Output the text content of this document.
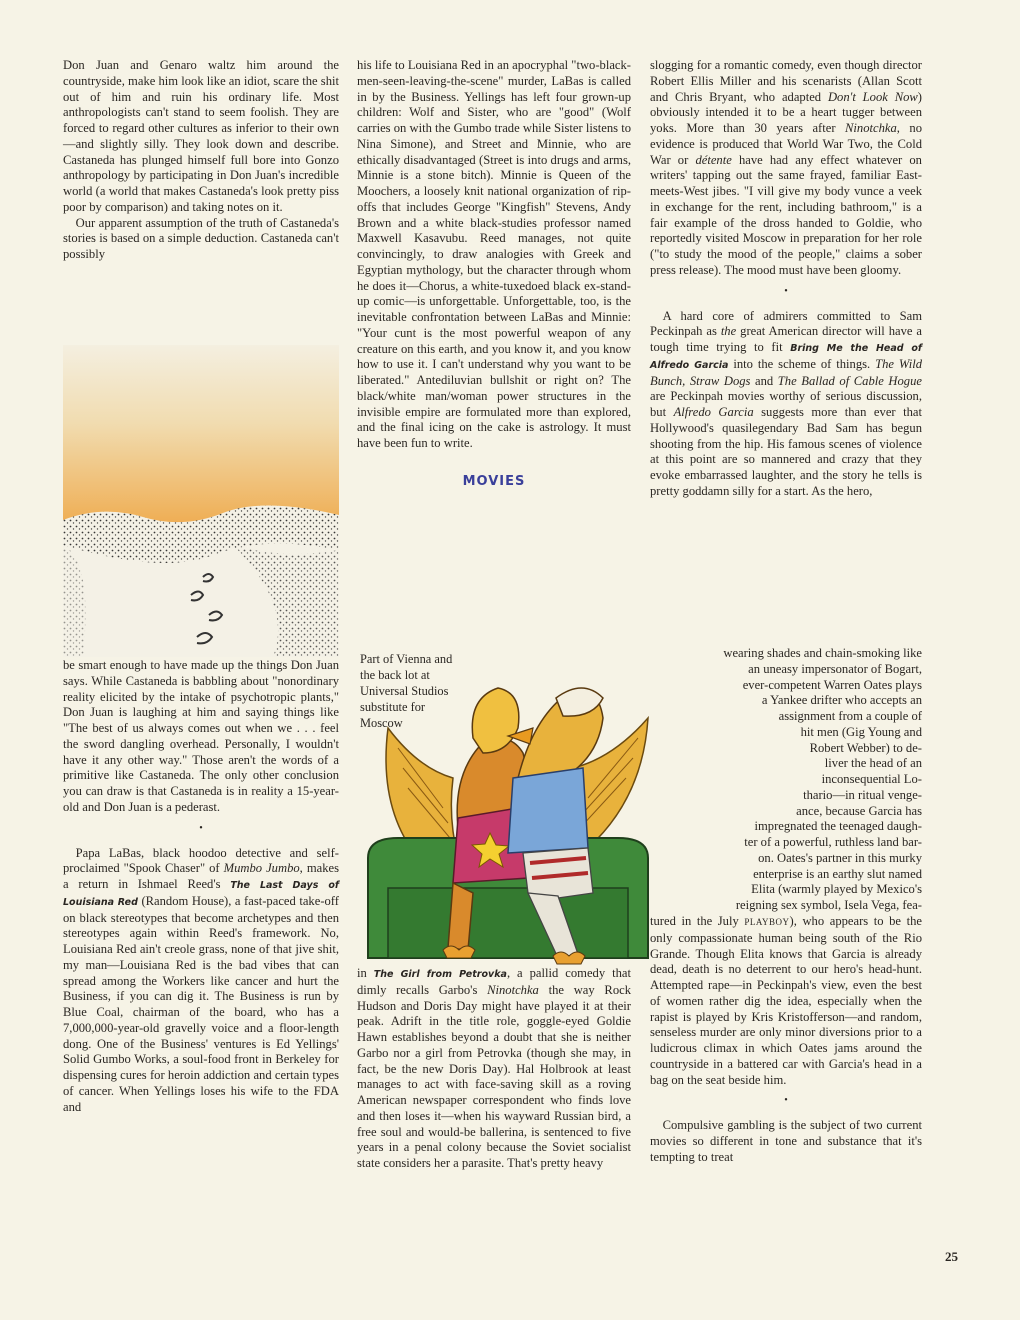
Don Juan and Genaro waltz him around the countryside, make him look like an idiot, scare the shit out of him and ruin his ordinary life. Most anthropologists can't stand to seem foolish. They are forced to regard other cultures as inferior to their own—and slightly silly. They look down and describe. Castaneda has plunged himself full bore into Gonzo anthropology by participating in Don Juan's incredible world (a world that makes Castaneda's look pretty piss poor by comparison) and taking notes on it.

Our apparent assumption of the truth of Castaneda's stories is based on a simple deduction. Castaneda can't possibly

be smart enough to have made up the things Don Juan says. While Castaneda is babbling about "nonordinary reality elicited by the intake of psychotropic plants," Don Juan is laughing at him and saying things like "The best of us always comes out when we . . . feel the sword dangling overhead. Personally, I wouldn't have it any other way." Those aren't the words of a primitive like Castaneda. The only other conclusion you can draw is that Castaneda is in reality a 15-year-old and Don Juan is a pederast.

•

Papa LaBas, black hoodoo detective and self-proclaimed "Spook Chaser" of Mumbo Jumbo, makes a return in Ishmael Reed's The Last Days of Louisiana Red (Random House), a fast-paced take-off on black stereotypes that become archetypes and then stereotypes again within Reed's framework. No, Louisiana Red ain't creole grass, none of that jive shit, my man—Louisiana Red is the bad vibes that can spread among the Workers like cancer and hurt the Business, if you can dig it. The Business is run by Blue Coal, chairman of the board, who has a 7,000,000-year-old gravelly voice and a floor-length dong. One of the Business' ventures is Ed Yellings' Solid Gumbo Works, a soul-food front in Berkeley for dispensing cures for heroin addiction and certain types of cancer. When Yellings loses his wife to the FDA and

his life to Louisiana Red in an apocryphal "two-black-men-seen-leaving-the-scene" murder, LaBas is called in by the Business. Yellings has left four grown-up children: Wolf and Sister, who are "good" (Wolf carries on with the Gumbo trade while Sister listens to Nina Simone), and Street and Minnie, who are ethically disadvantaged (Street is into drugs and arms, Minnie is a stone bitch). Minnie is Queen of the Moochers, a loosely knit national organization of rip-offs that includes George "Kingfish" Stevens, Andy Brown and a white black-studies professor named Maxwell Kasavubu. Reed manages, not quite convincingly, to draw analogies with Greek and Egyptian mythology, but the character through whom he does it—Chorus, a white-tuxedoed black ex-stand-up comic—is unforgettable. Unforgettable, too, is the inevitable confrontation between LaBas and Minnie: "Your cunt is the most powerful weapon of any creature on this earth, and you know it, and you know how to use it. I can't understand why you want to be liberated." Antediluvian bullshit or right on? The black/white man/woman power structures in the invisible empire are formulated more than explored, and the final icing on the cake is astrology. It must have been fun to write.

MOVIES
Part of Vienna and the back lot at Universal Studios substitute for Moscow

in The Girl from Petrovka, a pallid comedy that dimly recalls Garbo's Ninotchka the way Rock Hudson and Doris Day might have played it at their peak. Adrift in the title role, goggle-eyed Goldie Hawn establishes beyond a doubt that she is neither Garbo nor a girl from Petrovka (though she may, in fact, be the new Doris Day). Hal Holbrook at least manages to act with face-saving skill as a roving American newspaper correspondent who finds love and then loses it—when his wayward Russian bird, a free soul and would-be ballerina, is sentenced to five years in a penal colony because the Soviet socialist state considers her a parasite. That's pretty heavy

slogging for a romantic comedy, even though director Robert Ellis Miller and his scenarists (Allan Scott and Chris Bryant, who adapted Don't Look Now) obviously intended it to be a heart tugger between yoks. More than 30 years after Ninotchka, no evidence is produced that World War Two, the Cold War or détente have had any effect whatever on writers' tapping out the same frayed, familiar East-meets-West jibes. "I vill give my body vunce a veek in exchange for the rent, including bathroom," is a fair example of the dross handed to Goldie, who reportedly visited Moscow in preparation for her role ("to study the mood of the people," claims a sober press release). The mood must have been gloomy.

•

A hard core of admirers committed to Sam Peckinpah as the great American director will have a tough time trying to fit Bring Me the Head of Alfredo Garcia into the scheme of things. The Wild Bunch, Straw Dogs and The Ballad of Cable Hogue are Peckinpah movies worthy of serious discussion, but Alfredo Garcia suggests more than ever that Hollywood's quasilegendary Bad Sam has begun shooting from the hip. His famous scenes of violence at this point are so mannered and crazy that they evoke embarrassed laughter, and the story he tells is pretty goddamn silly for a start. As the hero,

wearing shades and chain-smoking like
an uneasy impersonator of Bogart,
ever-competent Warren Oates plays
a Yankee drifter who accepts an
assignment from a couple of
hit men (Gig Young and
Robert Webber) to de-
liver the head of an
inconsequential Lo-
thario—in ritual venge-
ance, because Garcia has
impregnated the teenaged daugh-
ter of a powerful, ruthless land bar-
on. Oates's partner in this murky
enterprise is an earthy slut named
Elita (warmly played by Mexico's
reigning sex symbol, Isela Vega, fea-

tured in the July PLAYBOY), who appears to be the only compassionate human being south of the Rio Grande. Though Elita knows that Garcia is already dead, death is no deterrent to our hero's head-hunt. Attempted rape—in Peckinpah's view, even the best of women rather dig the idea, especially when the rapist is played by Kris Kristofferson—and random, senseless murder are only minor diversions prior to a ludicrous climax in which Oates jams around the countryside in a battered car with Garcia's head in a bag on the seat beside him.

•

Compulsive gambling is the subject of two current movies so different in tone and substance that it's tempting to treat

25
